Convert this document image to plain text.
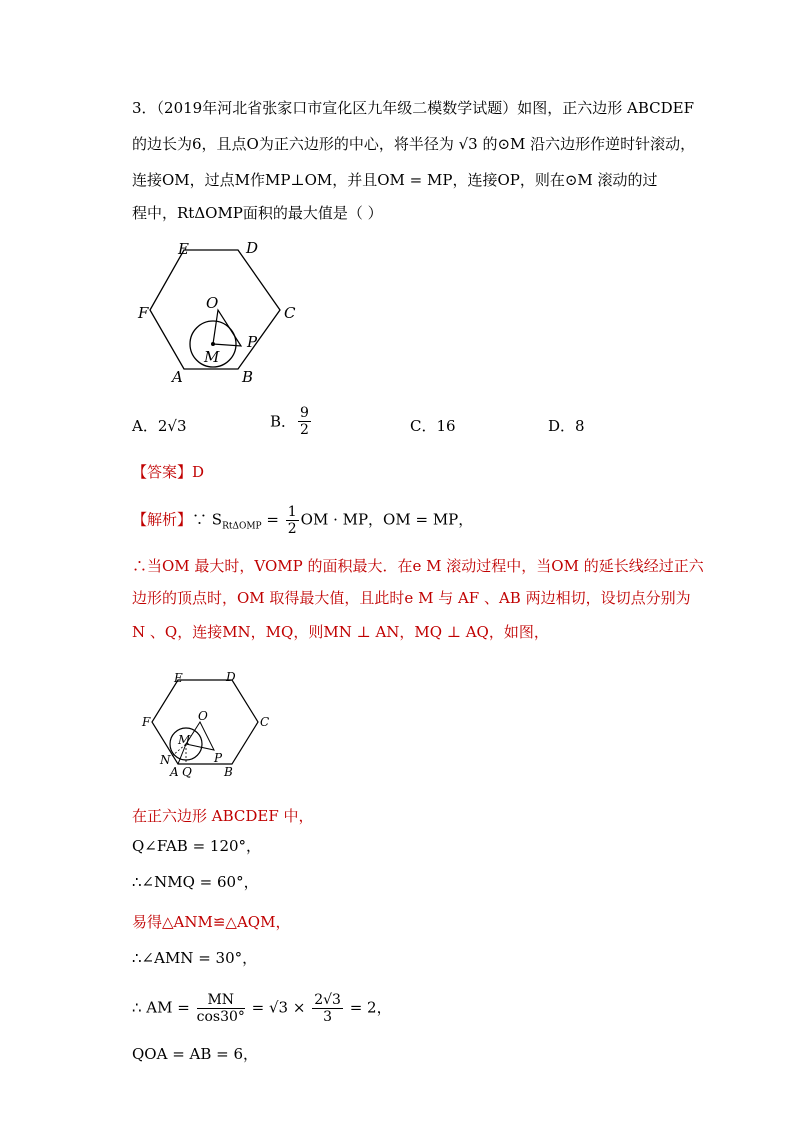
3．（2019年河北省张家口市宣化区九年级二模数学试题）如图，正六边形 ABCDEF
的边长为6，且点O为正六边形的中心，将半径为 √3 的⊙M 沿六边形作逆时针滚动，
连接OM，过点M作MP⊥OM，并且OM = MP，连接OP，则在⊙M 滚动的过
程中，RtΔOMP面积的最大值是（ ）
E	D
F	C
O
P
M
A	B
A．2√3	B． $\frac{9}{2}$	C．16	D．8
【答案】D
【解析】∵ $S_{Rt\Delta OMP} = \frac{1}{2}$ OM · MP，OM = MP，
∴当OM 最大时，VOMP 的面积最大．在e M 滚动过程中，当OM 的延长线经过正六
边形的顶点时，OM 取得最大值，且此时e M 与 AF 、AB 两边相切，设切点分别为
N 、Q，连接MN，MQ，则MN ⊥ AN，MQ ⊥ AQ，如图，
E	D
F	C
O
M
P
N
A Q	B
在正六边形 ABCDEF 中，
Q∠FAB = 120°，
∴∠NMQ = 60°，
易得△ANM≌△AQM，
∴∠AMN = 30°，
∴ AM = $\frac{MN}{\cos 30^\circ} = √3 \times \frac{2√3}{3} = 2$，
QOA = AB = 6，
